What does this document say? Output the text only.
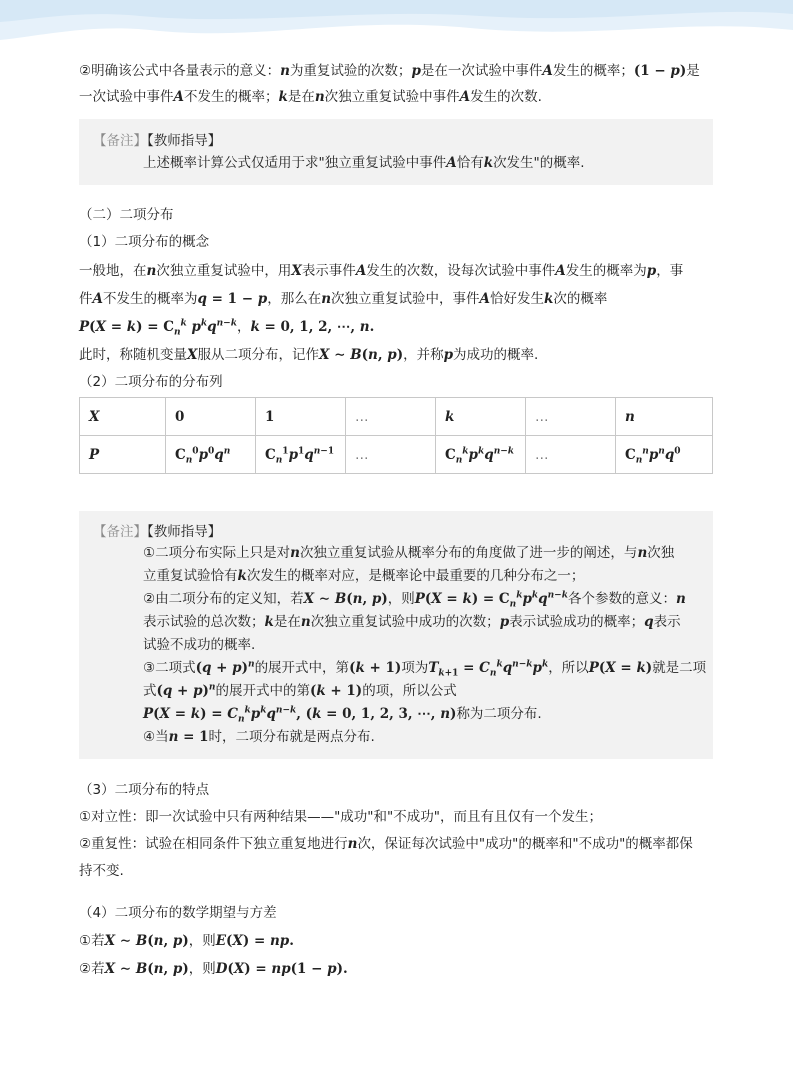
②明确该公式中各量表示的意义：n为重复试验的次数；p是在一次试验中事件A发生的概率；(1 − p)是
一次试验中事件A不发生的概率；k是在n次独立重复试验中事件A发生的次数.
【备注】【教师指导】
上述概率计算公式仅适用于求"独立重复试验中事件A恰有k次发生"的概率.
（二）二项分布
（1）二项分布的概念
一般地，在n次独立重复试验中，用X表示事件A发生的次数，设每次试验中事件A发生的概率为p，事
件A不发生的概率为q = 1 − p，那么在n次独立重复试验中，事件A恰好发生k次的概率
$P(X = k) = C_n^k$ $p^kq^{n-k}$，k = 0, 1, 2, ⋯, n.
此时，称随机变量X服从二项分布，记作X ∼ B(n, p)，并称p为成功的概率.
（2）二项分布的分布列
X	0	1	…	k	…	n
P	$C_n^0p^0q^n$	$C_n^1p^1q^{n-1}$	…	$C_n^kp^kq^{n-k}$	…	$C_n^np^nq^0$
【备注】【教师指导】
①二项分布实际上只是对n次独立重复试验从概率分布的角度做了进一步的阐述，与n次独
立重复试验恰有k次发生的概率对应，是概率论中最重要的几种分布之一；
②由二项分布的定义知，若X ∼ B(n, p)，则$P(X = k) = C_n^kp^kq^{n-k}$各个参数的意义：n
表示试验的总次数；k是在n次独立重复试验中成功的次数；p表示试验成功的概率；q表示
试验不成功的概率.
③二项式$(q + p)^n$的展开式中，第(k + 1)项为$T_{k+1} = C_n^kq^{n-k}p^k$，所以P(X = k)就是二项
式$(q + p)^n$的展开式中的第(k + 1)的项，所以公式
$P(X = k) = C_n^kp^kq^{n-k}$, (k = 0, 1, 2, 3, ⋯, n)称为二项分布.
④当n = 1时，二项分布就是两点分布.
（3）二项分布的特点
①对立性：即一次试验中只有两种结果——"成功"和"不成功"，而且有且仅有一个发生；
②重复性：试验在相同条件下独立重复地进行n次，保证每次试验中"成功"的概率和"不成功"的概率都保
持不变.
（4）二项分布的数学期望与方差
①若X ∼ B(n, p)，则E(X) = np.
②若X ∼ B(n, p)，则D(X) = np(1 − p).
